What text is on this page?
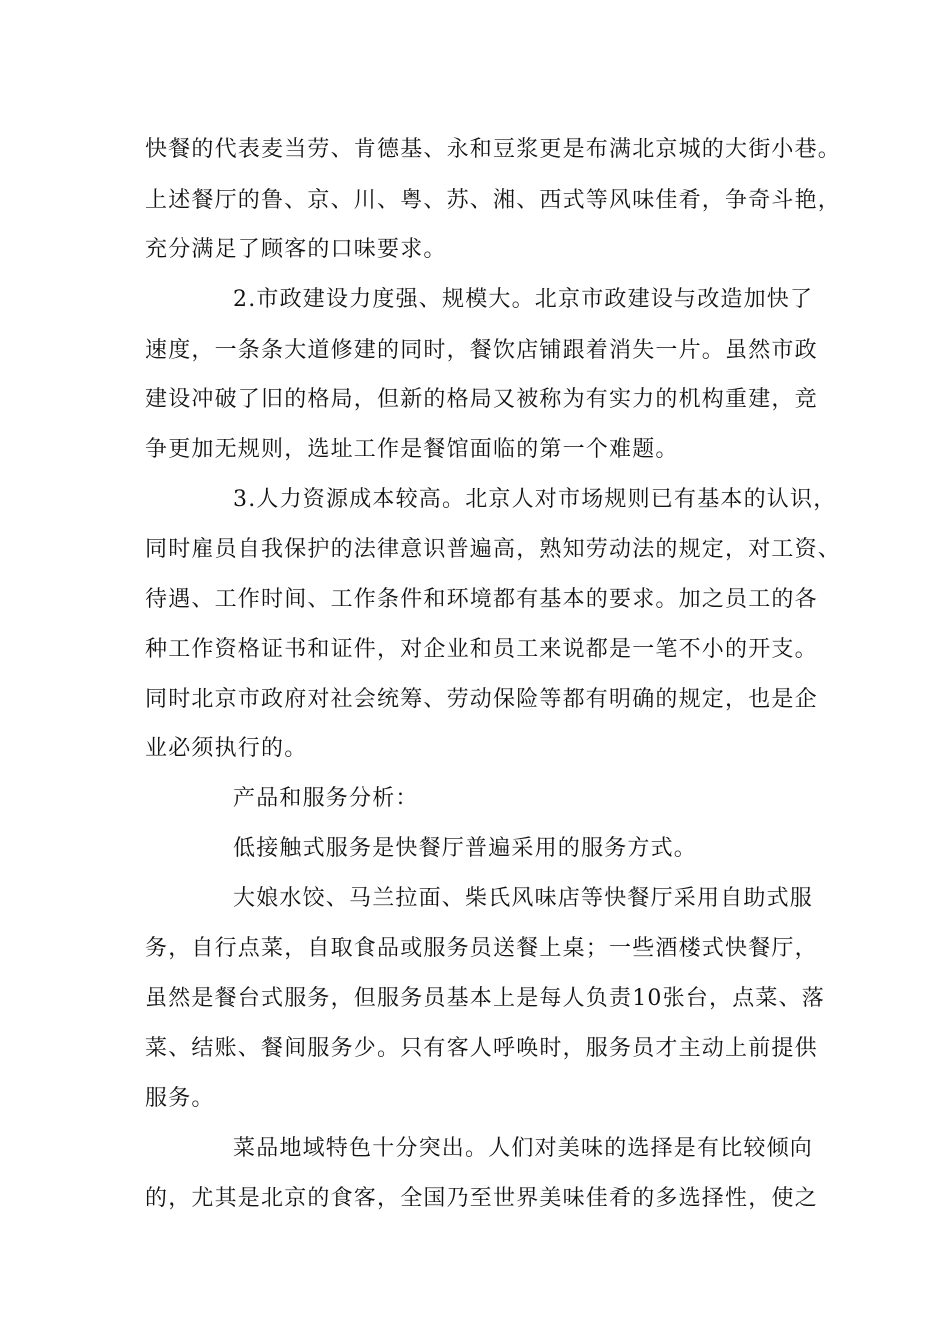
快餐的代表麦当劳、肯德基、永和豆浆更是布满北京城的大街小巷。

上述餐厅的鲁、京、川、粤、苏、湘、西式等风味佳肴，争奇斗艳，

充分满足了顾客的口味要求。

2.市政建设力度强、规模大。北京市政建设与改造加快了

速度，一条条大道修建的同时，餐饮店铺跟着消失一片。虽然市政

建设冲破了旧的格局，但新的格局又被称为有实力的机构重建，竞

争更加无规则，选址工作是餐馆面临的第一个难题。

3.人力资源成本较高。北京人对市场规则已有基本的认识，

同时雇员自我保护的法律意识普遍高，熟知劳动法的规定，对工资、

待遇、工作时间、工作条件和环境都有基本的要求。加之员工的各

种工作资格证书和证件，对企业和员工来说都是一笔不小的开支。

同时北京市政府对社会统筹、劳动保险等都有明确的规定，也是企

业必须执行的。

产品和服务分析：

低接触式服务是快餐厅普遍采用的服务方式。

大娘水饺、马兰拉面、柴氏风味店等快餐厅采用自助式服

务，自行点菜，自取食品或服务员送餐上桌；一些酒楼式快餐厅，

虽然是餐台式服务，但服务员基本上是每人负责10张台，点菜、落

菜、结账、餐间服务少。只有客人呼唤时，服务员才主动上前提供

服务。

菜品地域特色十分突出。人们对美味的选择是有比较倾向

的，尤其是北京的食客，全国乃至世界美味佳肴的多选择性，使之
